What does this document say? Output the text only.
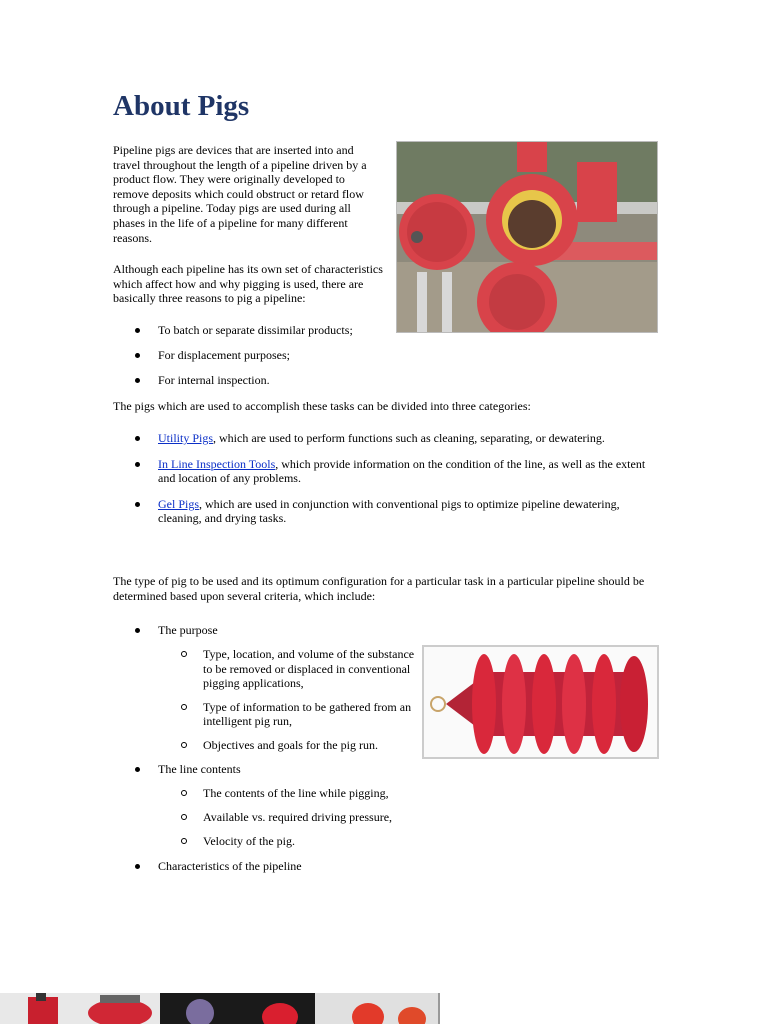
About Pigs

Pipeline pigs are devices that are inserted into and travel throughout the length of a pipeline driven by a product flow. They were originally developed to remove deposits which could obstruct or retard flow through a pipeline. Today pigs are used during all phases in the life of a pipeline for many different reasons.

Although each pipeline has its own set of characteristics which affect how and why pigging is used, there are basically three reasons to pig a pipeline:

To batch or separate dissimilar products;
For displacement purposes;
For internal inspection.

The pigs which are used to accomplish these tasks can be divided into three categories:

Utility Pigs, which are used to perform functions such as cleaning, separating, or dewatering.
In Line Inspection Tools, which provide information on the condition of the line, as well as the extent and location of any problems.
Gel Pigs, which are used in conjunction with conventional pigs to optimize pipeline dewatering, cleaning, and drying tasks.

The type of pig to be used and its optimum configuration for a particular task in a particular pipeline should be determined based upon several criteria, which include:

The purpose
Type, location, and volume of the substance to be removed or displaced in conventional pigging applications,
Type of information to be gathered from an intelligent pig run,
Objectives and goals for the pig run.
The line contents
The contents of the line while pigging,
Available vs. required driving pressure,
Velocity of the pig.
Characteristics of the pipeline
